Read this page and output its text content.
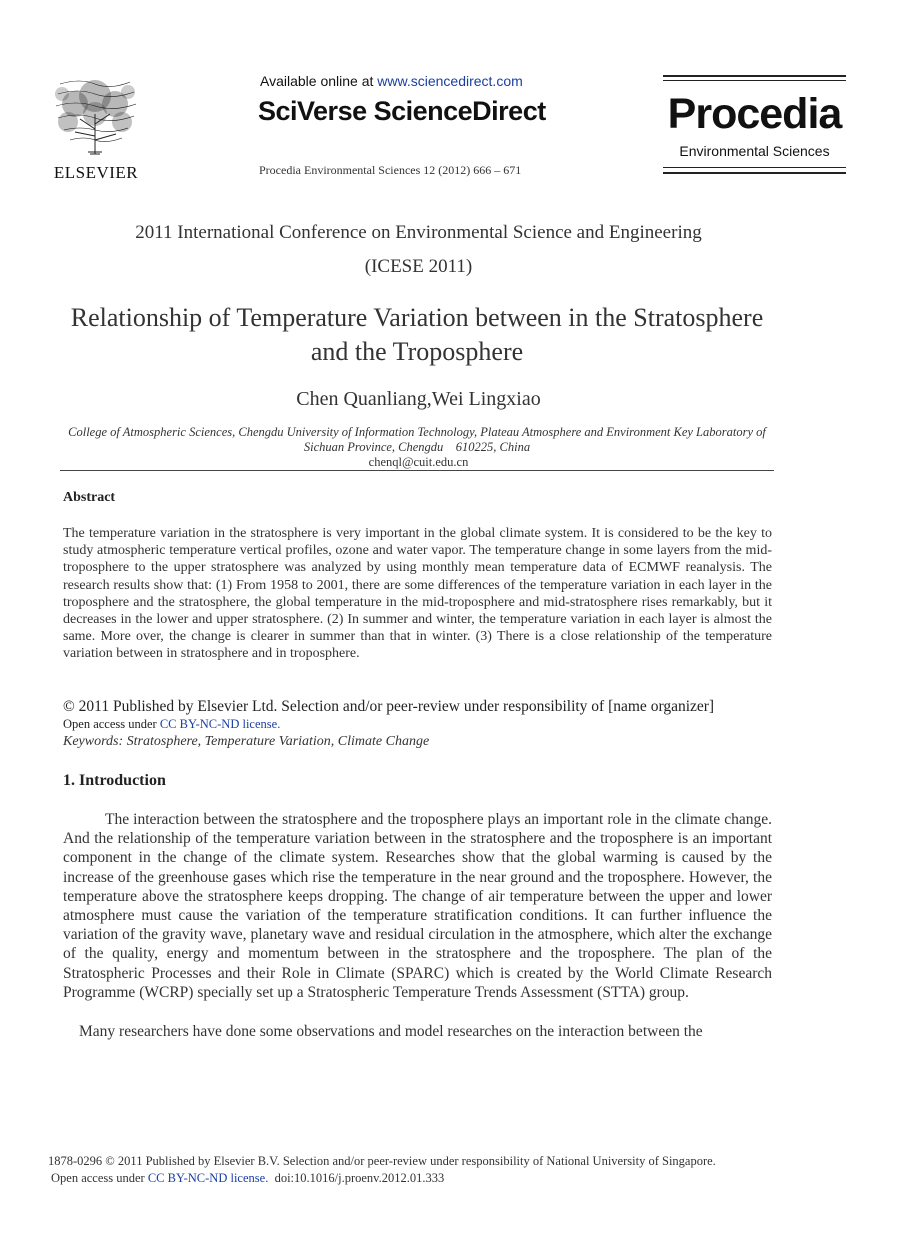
ELSEVIER
Available online at www.sciencedirect.com
SciVerse ScienceDirect
Procedia Environmental Sciences 12 (2012) 666 – 671
Procedia
Environmental Sciences
2011 International Conference on Environmental Science and Engineering
(ICESE 2011)
Relationship of Temperature Variation between in the Stratosphere and the Troposphere
Chen Quanliang,Wei Lingxiao
College of Atmospheric Sciences, Chengdu University of Information Technology, Plateau Atmosphere and Environment Key Laboratory of Sichuan Province, Chengdu    610225, China
chenql@cuit.edu.cn
Abstract
The temperature variation in the stratosphere is very important in the global climate system. It is considered to be the key to study atmospheric temperature vertical profiles, ozone and water vapor. The temperature change in some layers from the mid-troposphere to the upper stratosphere was analyzed by using monthly mean temperature data of ECMWF reanalysis. The research results show that: (1) From 1958 to 2001, there are some differences of the temperature variation in each layer in the troposphere and the stratosphere, the global temperature in the mid-troposphere and mid-stratosphere rises remarkably, but it decreases in the lower and upper stratosphere. (2) In summer and winter, the temperature variation in each layer is almost the same. More over, the change is clearer in summer than that in winter. (3) There is a close relationship of the temperature variation between in stratosphere and in troposphere.
© 2011 Published by Elsevier Ltd. Selection and/or peer-review under responsibility of [name organizer]
Open access under CC BY-NC-ND license.
Keywords: Stratosphere, Temperature Variation, Climate Change
1. Introduction
The interaction between the stratosphere and the troposphere plays an important role in the climate change. And the relationship of the temperature variation between in the stratosphere and the troposphere is an important component in the change of the climate system. Researches show that the global warming is caused by the increase of the greenhouse gases which rise the temperature in the near ground and the troposphere. However, the temperature above the stratosphere keeps dropping. The change of air temperature between the upper and lower atmosphere must cause the variation of the temperature stratification conditions. It can further influence the variation of the gravity wave, planetary wave and residual circulation in the atmosphere, which alter the exchange of the quality, energy and momentum between in the stratosphere and the troposphere. The plan of the Stratospheric Processes and their Role in Climate (SPARC) which is created by the World Climate Research Programme (WCRP) specially set up a Stratospheric Temperature Trends Assessment (STTA) group.
Many researchers have done some observations and model researches on the interaction between the
1878-0296 © 2011 Published by Elsevier B.V. Selection and/or peer-review under responsibility of National University of Singapore.
Open access under CC BY-NC-ND license. doi:10.1016/j.proenv.2012.01.333
